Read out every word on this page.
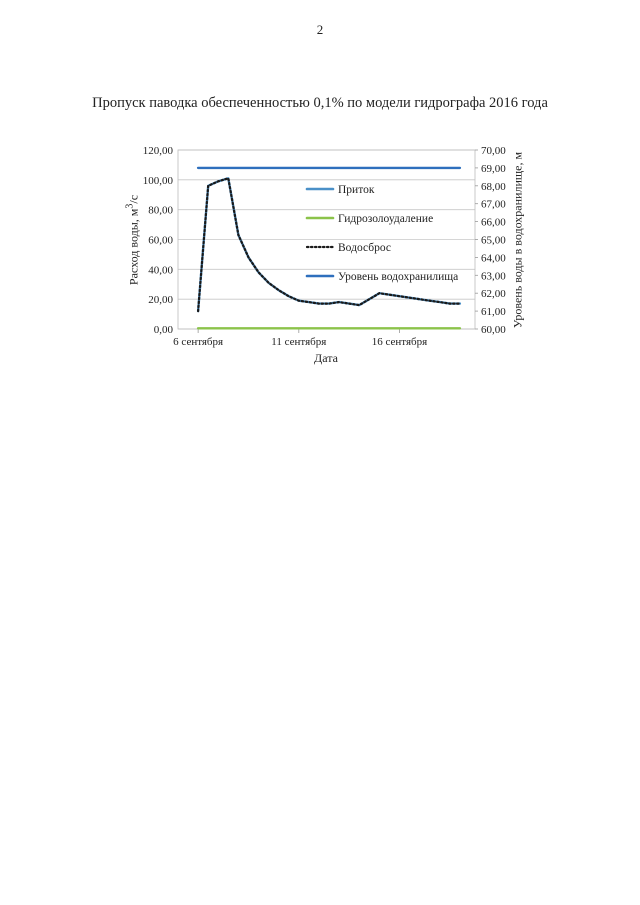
2
Пропуск паводка обеспеченностью 0,1% по модели гидрографа 2016 года
0,00
20,00
40,00
60,00
80,00
100,00
120,00
60,00
61,00
62,00
63,00
64,00
65,00
66,00
67,00
68,00
69,00
70,00
6 сентября	11 сентября	16 сентября
Приток
Гидрозолоудаление
Водосброс
Уровень водохранилища
Расход воды, $м^3/с$	Уровень воды в водохранилище, м
Дата
